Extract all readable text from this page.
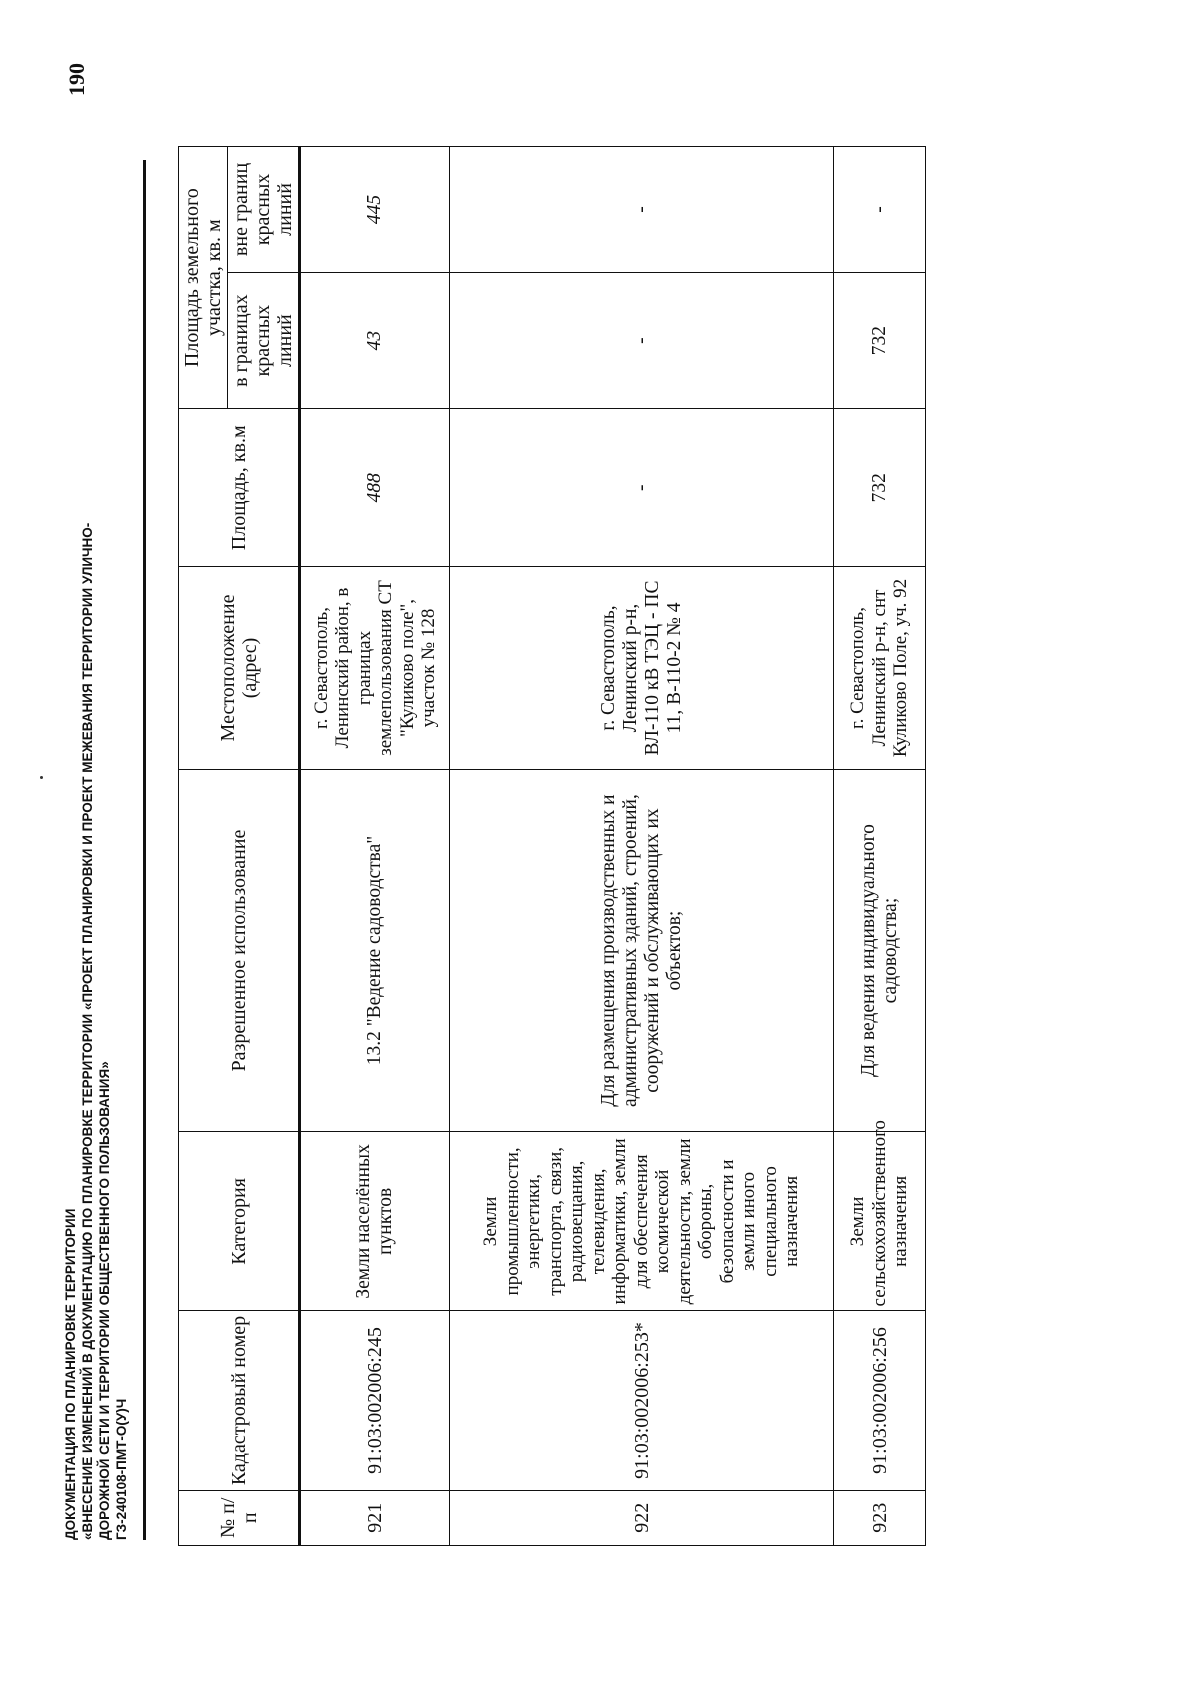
ДОКУМЕНТАЦИЯ ПО ПЛАНИРОВКЕ ТЕРРИТОРИИ «ВНЕСЕНИЕ ИЗМЕНЕНИЙ В ДОКУМЕНТАЦИЮ ПО ПЛАНИРОВКЕ ТЕРРИТОРИИ «ПРОЕКТ ПЛАНИРОВКИ И ПРОЕКТ МЕЖЕВАНИЯ ТЕРРИТОРИИ УЛИЧНО- ДОРОЖНОЙ СЕТИ И ТЕРРИТОРИИ ОБЩЕСТВЕННОГО ПОЛЬЗОВАНИЯ» ГЗ-240108-ПМТ-О(У)Ч
190
№ п/п	Кадастровый номер	Категория	Разрешенное использование	Местоположение (адрес)	Площадь, кв.м	Площадь земельного участка, кв. м	
						в границах красных линий	вне границ красных линий
921	91:03:002006:245	Земли населённых пунктов	13.2 "Ведение садоводства"	г. Севастополь, Ленинский район, в границах землепользования СТ "Куликово поле", участок № 128	488	43	445
922	91:03:002006:253*	Земли промышленности, энергетики, транспорта, связи, радиовещания, телевидения, информатики, земли для обеспечения космической деятельности, земли обороны, безопасности и земли иного специального назначения	Для размещения производственных и административных зданий, строений, сооружений и обслуживающих их объектов;	г. Севастополь, Ленинский р-н, ВЛ-110 кВ ТЭЦ - ПС 11, В-110-2 № 4	-	-	-
923	91:03:002006:256	Земли сельскохозяйственного назначения	Для ведения индивидуального садоводства;	г. Севастополь, Ленинский р-н, снт Куликово Поле, уч. 92	732	732	-
